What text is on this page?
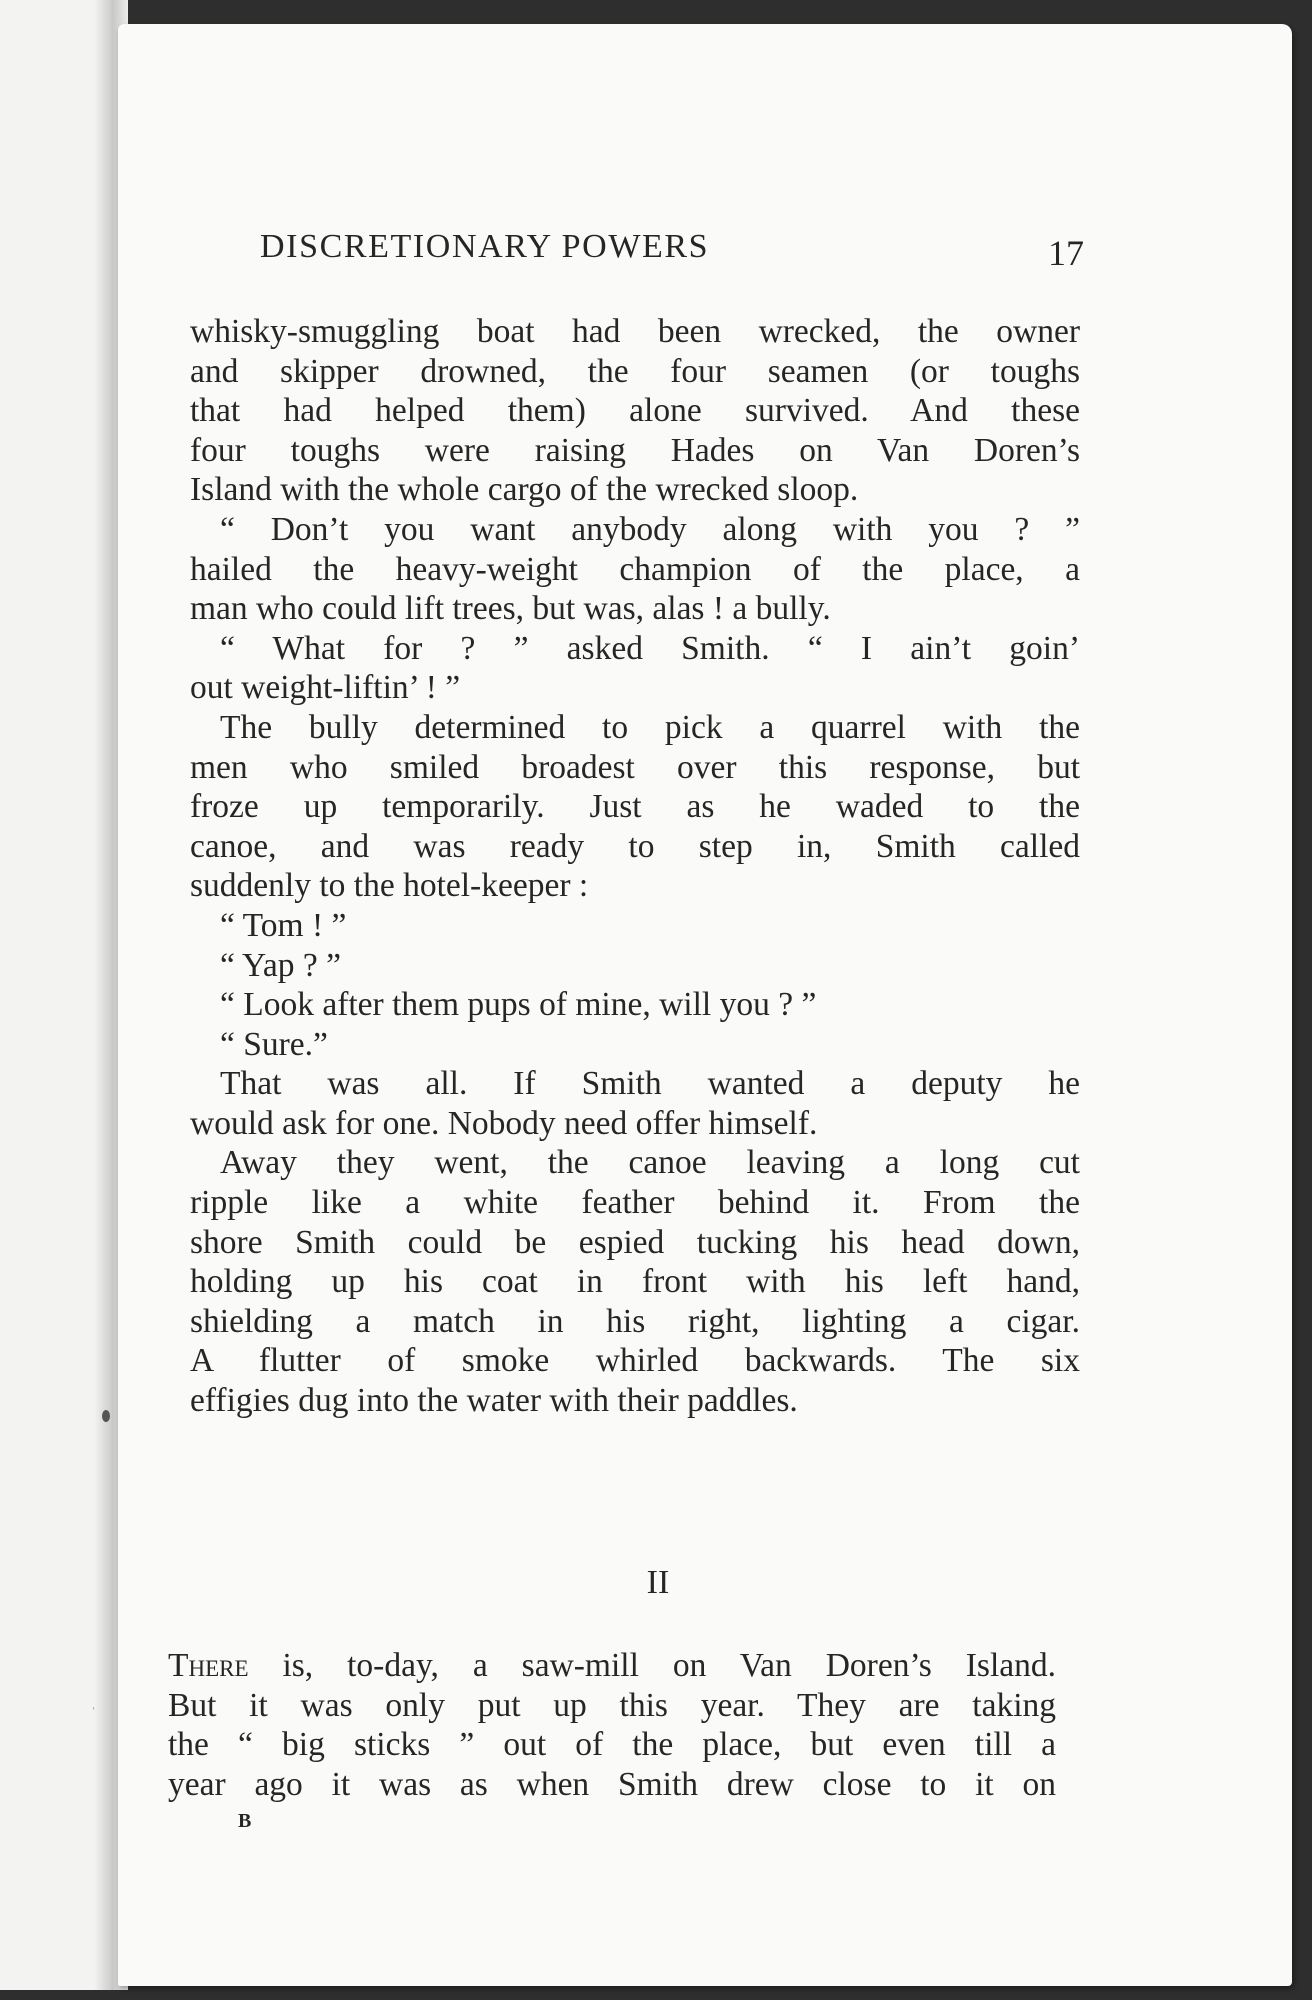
DISCRETIONARY POWERS	17
whisky-smuggling boat had been wrecked, the owner
and skipper drowned, the four seamen (or toughs
that had helped them) alone survived. And these
four toughs were raising Hades on Van Doren’s
Island with the whole cargo of the wrecked sloop.
“ Don’t you want anybody along with you ? ”
hailed the heavy-weight champion of the place, a
man who could lift trees, but was, alas ! a bully.
“ What for ? ” asked Smith. “ I ain’t goin’
out weight-liftin’ ! ”
The bully determined to pick a quarrel with the
men who smiled broadest over this response, but
froze up temporarily. Just as he waded to the
canoe, and was ready to step in, Smith called
suddenly to the hotel-keeper :
“ Tom ! ”
“ Yap ? ”
“ Look after them pups of mine, will you ? ”
“ Sure.”
That was all. If Smith wanted a deputy he
would ask for one. Nobody need offer himself.
Away they went, the canoe leaving a long cut
ripple like a white feather behind it. From the
shore Smith could be espied tucking his head down,
holding up his coat in front with his left hand,
shielding a match in his right, lighting a cigar.
A flutter of smoke whirled backwards. The six
effigies dug into the water with their paddles.
II
There is, to-day, a saw-mill on Van Doren’s Island.
But it was only put up this year. They are taking
the “ big sticks ” out of the place, but even till a
year ago it was as when Smith drew close to it on
B
